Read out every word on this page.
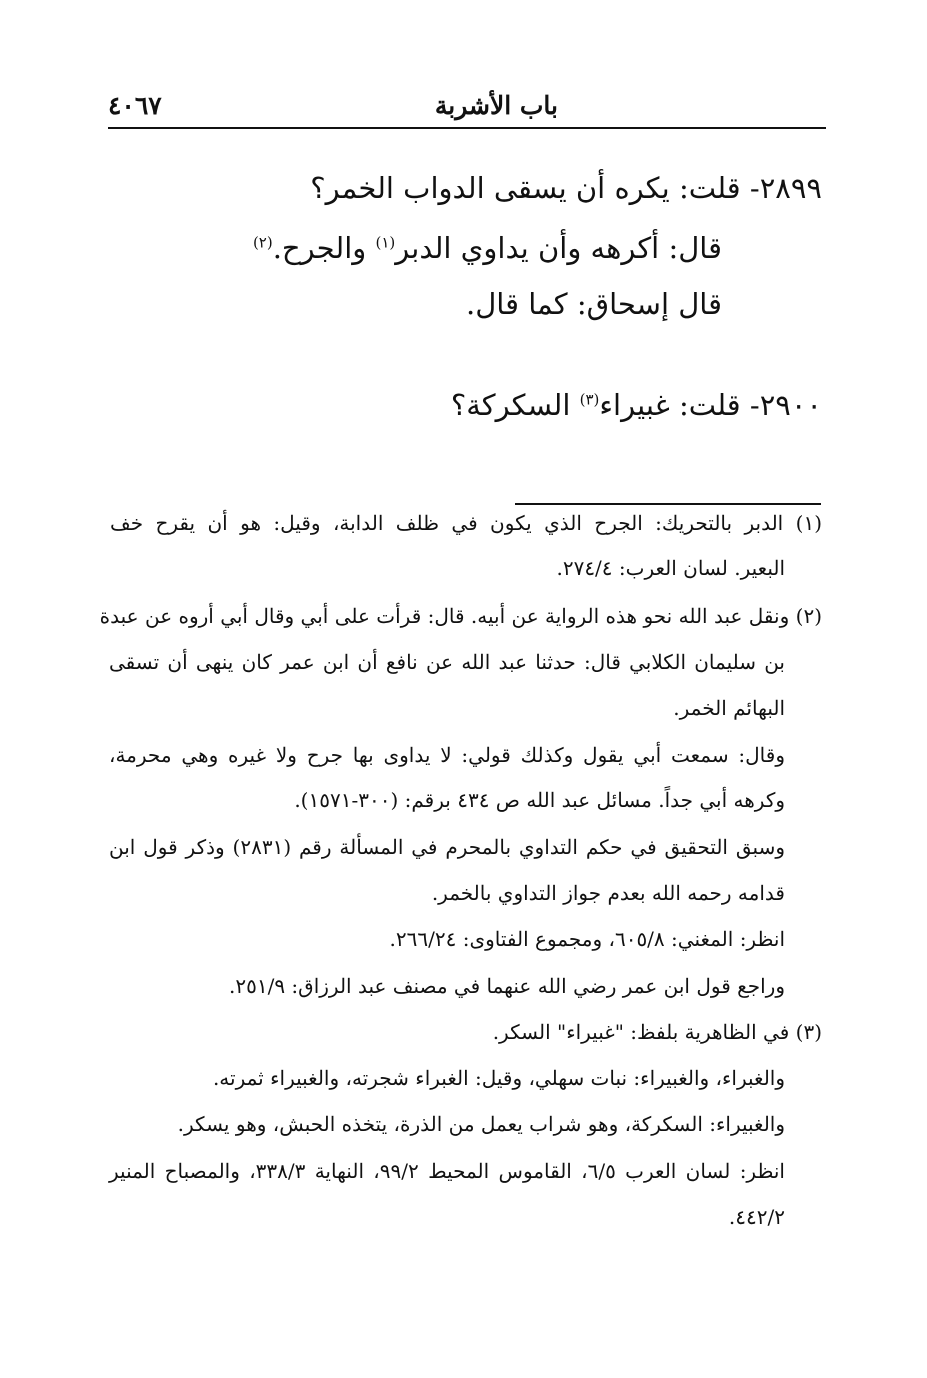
باب الأشربة
٤٠٦٧
٢٨٩٩- قلت: يكره أن يسقى الدواب الخمر؟
قال: أكرهه وأن يداوي الدبر$^{(١)}$ والجرح.$^{(٢)}$
قال إسحاق: كما قال.
٢٩٠٠- قلت: غبيراء$^{(٣)}$ السكركة؟
(١) الدبر بالتحريك: الجرح الذي يكون في ظلف الدابة، وقيل: هو أن يقرح خف
البعير. لسان العرب: ٢٧٤/٤.
(٢) ونقل عبد الله نحو هذه الرواية عن أبيه. قال: قرأت على أبي وقال أبي أروه عن عبدة
بن سليمان الكلابي قال: حدثنا عبد الله عن نافع أن ابن عمر كان ينهى أن تسقى
البهائم الخمر.
وقال: سمعت أبي يقول وكذلك قولي: لا يداوى بها جرح ولا غيره وهي محرمة،
وكرهه أبي جداً. مسائل عبد الله ص ٤٣٤ برقم: (٣٠٠-١٥٧١).
وسبق التحقيق في حكم التداوي بالمحرم في المسألة رقم (٢٨٣١) وذكر قول ابن
قدامه رحمه الله بعدم جواز التداوي بالخمر.
انظر: المغني: ٦٠٥/٨، ومجموع الفتاوى: ٢٦٦/٢٤.
وراجع قول ابن عمر رضي الله عنهما في مصنف عبد الرزاق: ٢٥١/٩.
(٣) في الظاهرية بلفظ: "غبيراء" السكر.
والغبراء، والغبيراء: نبات سهلي، وقيل: الغبراء شجرته، والغبيراء ثمرته.
والغبيراء: السكركة، وهو شراب يعمل من الذرة، يتخذه الحبش، وهو يسكر.
انظر: لسان العرب ٦/٥، القاموس المحيط ٩٩/٢، النهاية ٣٣٨/٣، والمصباح المنير
٤٤٢/٢.
